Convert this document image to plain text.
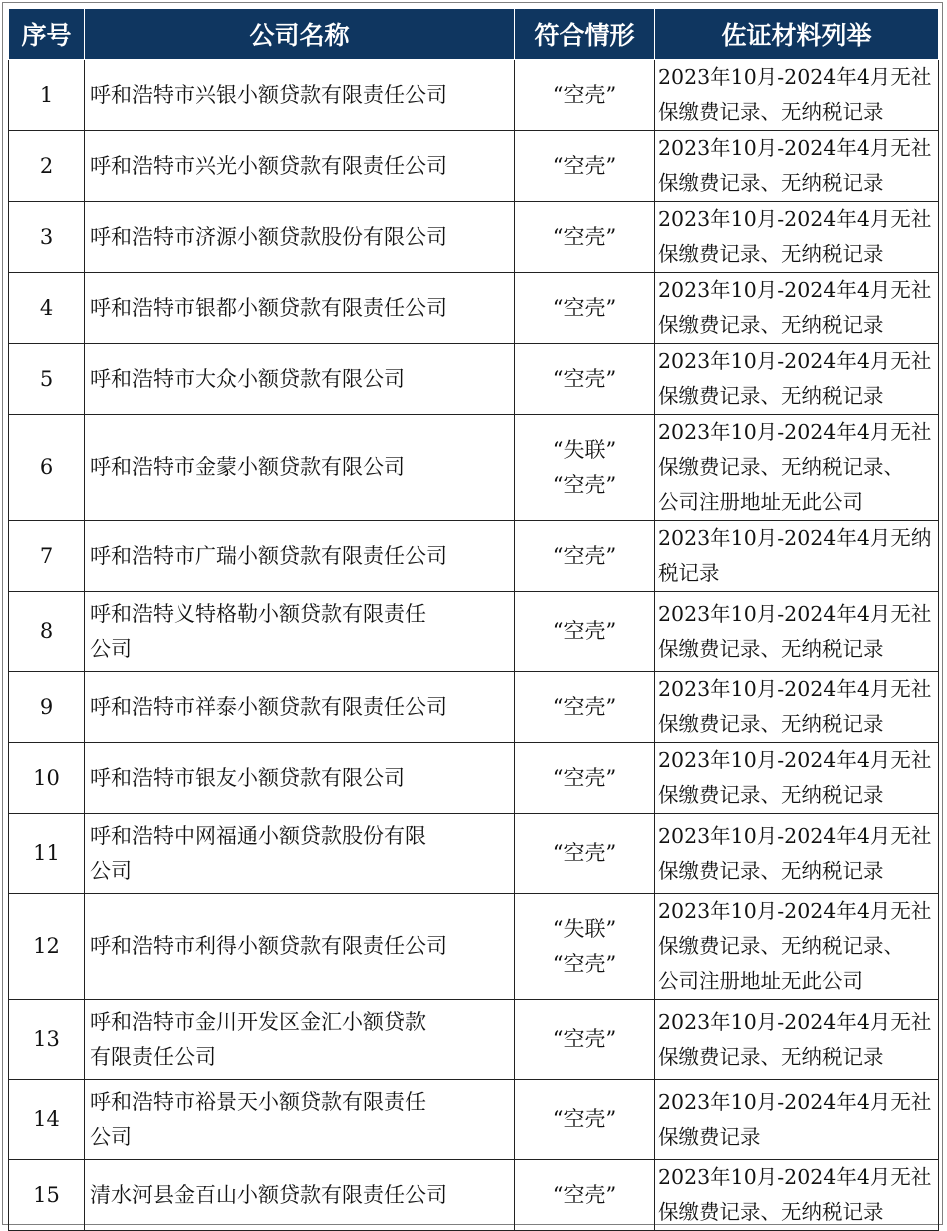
序号	公司名称	符合情形	佐证材料列举
1	呼和浩特市兴银小额贷款有限责任公司	“空壳”	2023年10月-2024年4月无社
保缴费记录、无纳税记录

2	呼和浩特市兴光小额贷款有限责任公司	“空壳”	2023年10月-2024年4月无社
保缴费记录、无纳税记录

3	呼和浩特市济源小额贷款股份有限公司	“空壳”	2023年10月-2024年4月无社
保缴费记录、无纳税记录

4	呼和浩特市银都小额贷款有限责任公司	“空壳”	2023年10月-2024年4月无社
保缴费记录、无纳税记录

5	呼和浩特市大众小额贷款有限公司	“空壳”	2023年10月-2024年4月无社
保缴费记录、无纳税记录

6	呼和浩特市金蒙小额贷款有限公司	“失联”
“空壳”	2023年10月-2024年4月无社
保缴费记录、无纳税记录、
公司注册地址无此公司

7	呼和浩特市广瑞小额贷款有限责任公司	“空壳”	2023年10月-2024年4月无纳
税记录

8	呼和浩特义特格勒小额贷款有限责任
公司	“空壳”	2023年10月-2024年4月无社
保缴费记录、无纳税记录

9	呼和浩特市祥泰小额贷款有限责任公司	“空壳”	2023年10月-2024年4月无社
保缴费记录、无纳税记录

10	呼和浩特市银友小额贷款有限公司	“空壳”	2023年10月-2024年4月无社
保缴费记录、无纳税记录

11	呼和浩特中网福通小额贷款股份有限
公司	“空壳”	2023年10月-2024年4月无社
保缴费记录、无纳税记录

12	呼和浩特市利得小额贷款有限责任公司	“失联”
“空壳”	2023年10月-2024年4月无社
保缴费记录、无纳税记录、
公司注册地址无此公司

13	呼和浩特市金川开发区金汇小额贷款
有限责任公司	“空壳”	2023年10月-2024年4月无社
保缴费记录、无纳税记录

14	呼和浩特市裕景天小额贷款有限责任
公司	“空壳”	2023年10月-2024年4月无社
保缴费记录

15	清水河县金百山小额贷款有限责任公司	“空壳”	2023年10月-2024年4月无社
保缴费记录、无纳税记录
